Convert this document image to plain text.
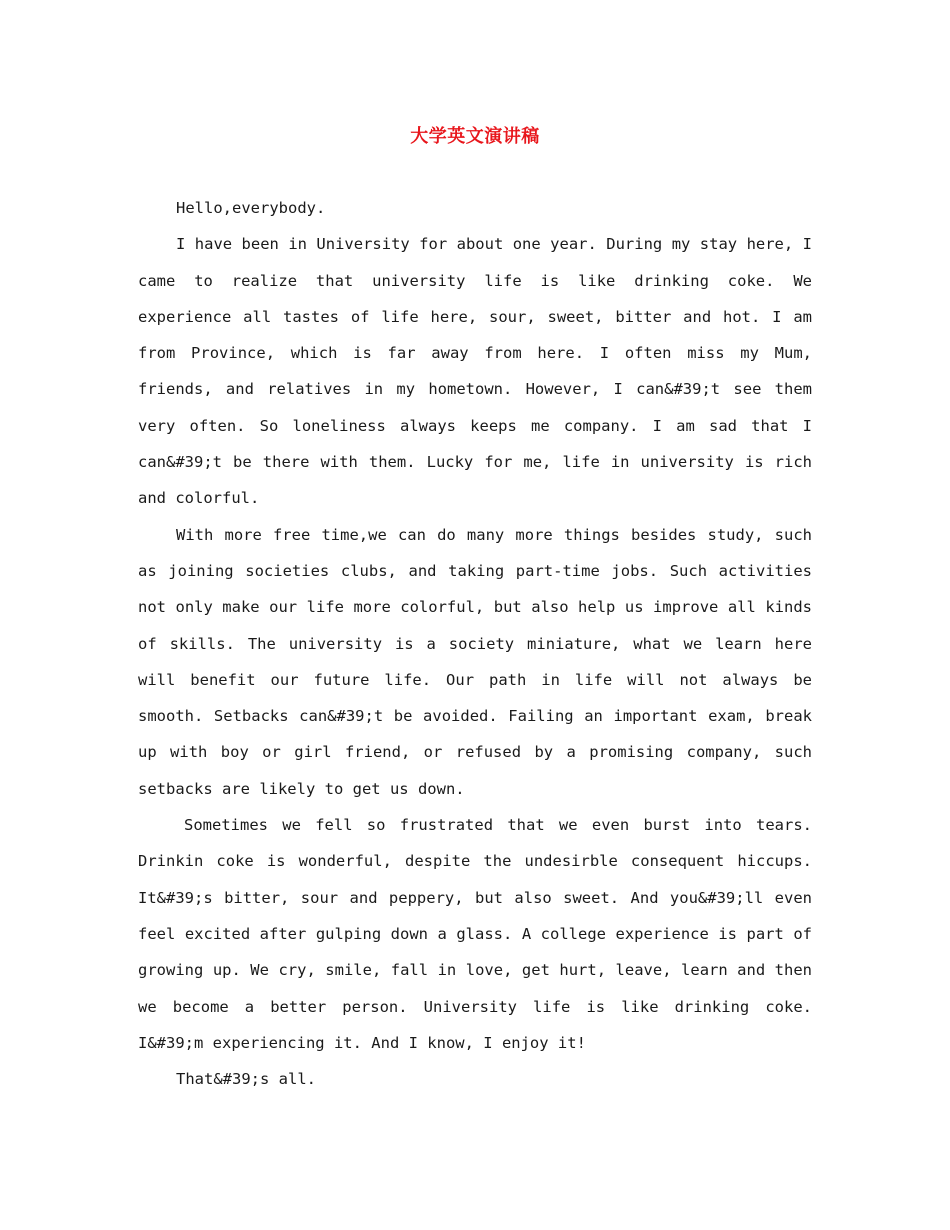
大学英文演讲稿

Hello,everybody.

I have been in University for about one year. During my stay here, I came to realize that university life is like drinking coke. We experience all tastes of life here, sour, sweet, bitter and hot. I am from Province, which is far away from here. I often miss my Mum, friends, and relatives in my hometown. However, I can&#39;t see them very often. So loneliness always keeps me company. I am sad that I can&#39;t be there with them. Lucky for me, life in university is rich and colorful.

With more free time,we can do many more things besides study, such as joining societies clubs, and taking part-time jobs. Such activities not only make our life more colorful, but also help us improve all kinds of skills. The university is a society miniature, what we learn here will benefit our future life. Our path in life will not always be smooth. Setbacks can&#39;t be avoided. Failing an important exam, break up with boy or girl friend, or refused by a promising company, such setbacks are likely to get us down.

Sometimes we fell so frustrated that we even burst into tears. Drinkin coke is wonderful, despite the undesirble consequent hiccups. It&#39;s bitter, sour and peppery, but also sweet. And you&#39;ll even feel excited after gulping down a glass. A college experience is part of growing up. We cry, smile, fall in love, get hurt, leave, learn and then we become a better person. University life is like drinking coke. I&#39;m experiencing it. And I know, I enjoy it!

That&#39;s all.
